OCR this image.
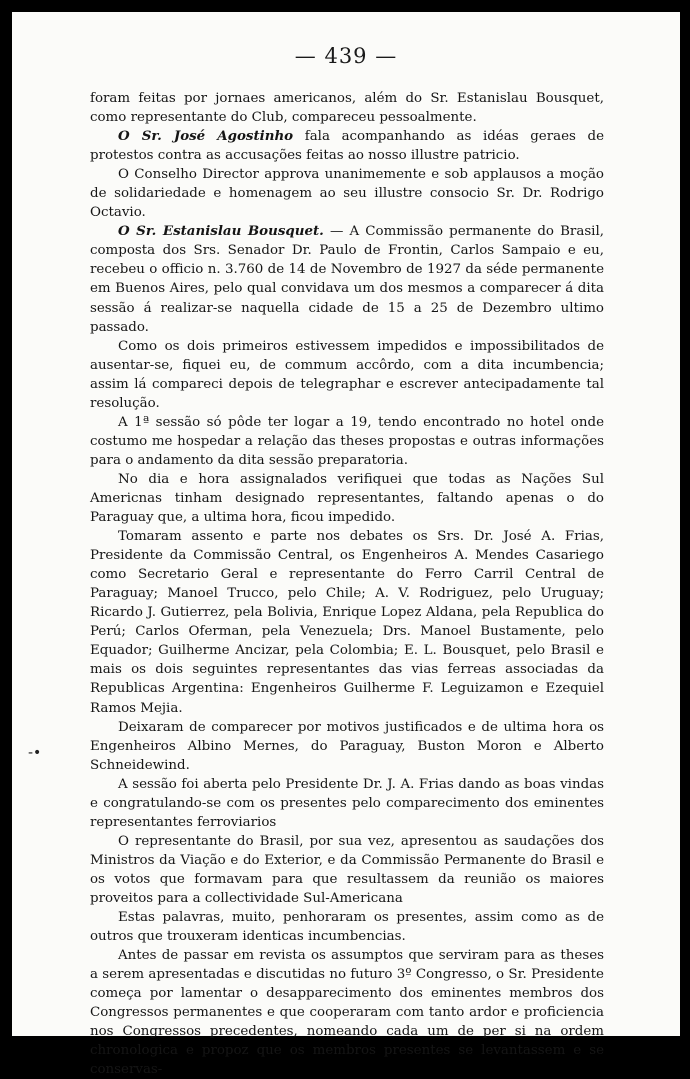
— 439 —
-•

foram feitas por jornaes americanos, além do Sr. Estanislau Bousquet, como representante do Club, compareceu pessoalmente.

O Sr. José Agostinho fala acompanhando as idéas geraes de protestos contra as accusações feitas ao nosso illustre patricio.

O Conselho Director approva unanimemente e sob applausos a moção de solidariedade e homenagem ao seu illustre consocio Sr. Dr. Rodrigo Octavio.

O Sr. Estanislau Bousquet. — A Commissão permanente do Brasil, composta dos Srs. Senador Dr. Paulo de Frontin, Carlos Sampaio e eu, recebeu o officio n. 3.760 de 14 de Novembro de 1927 da séde permanente em Buenos Aires, pelo qual convidava um dos mesmos a comparecer á dita sessão á realizar-se naquella cidade de 15 a 25 de Dezembro ultimo passado.

Como os dois primeiros estivessem impedidos e impossibilitados de ausentar-se, fiquei eu, de commum accôrdo, com a dita incumbencia; assim lá compareci depois de telegraphar e escrever antecipadamente tal resolução.

A 1ª sessão só pôde ter logar a 19, tendo encontrado no hotel onde costumo me hospedar a relação das theses propostas e outras informações para o andamento da dita sessão preparatoria.

No dia e hora assignalados verifiquei que todas as Nações Sul Americnas tinham designado representantes, faltando apenas o do Paraguay que, a ultima hora, ficou impedido.

Tomaram assento e parte nos debates os Srs. Dr. José A. Frias, Presidente da Commissão Central, os Engenheiros A. Mendes Casariego como Secretario Geral e representante do Ferro Carril Central de Paraguay; Manoel Trucco, pelo Chile; A. V. Rodriguez, pelo Uruguay; Ricardo J. Gutierrez, pela Bolivia, Enrique Lopez Aldana, pela Republica do Perú; Carlos Oferman, pela Venezuela; Drs. Manoel Bustamente, pelo Equador; Guilherme Ancizar, pela Colombia; E. L. Bousquet, pelo Brasil e mais os dois seguintes representantes das vias ferreas associadas da Republicas Argentina: Engenheiros Guilherme F. Leguizamon e Ezequiel Ramos Mejia.

Deixaram de comparecer por motivos justificados e de ultima hora os Engenheiros Albino Mernes, do Paraguay, Buston Moron e Alberto Schneidewind.

A sessão foi aberta pelo Presidente Dr. J. A. Frias dando as boas vindas e congratulando-se com os presentes pelo comparecimento dos eminentes representantes ferroviarios

O representante do Brasil, por sua vez, apresentou as saudações dos Ministros da Viação e do Exterior, e da Commissão Permanente do Brasil e os votos que formavam para que resultassem da reunião os maiores proveitos para a collectividade Sul-Americana

Estas palavras, muito, penhoraram os presentes, assim como as de outros que trouxeram identicas incumbencias.

Antes de passar em revista os assumptos que serviram para as theses a serem apresentadas e discutidas no futuro 3º Congresso, o Sr. Presidente começa por lamentar o desapparecimento dos eminentes membros dos Congressos permanentes e que cooperaram com tanto ardor e proficiencia nos Congressos precedentes, nomeando cada um de per si na ordem chronologica e propoz que os membros presentes se levantassem e se conservas-
